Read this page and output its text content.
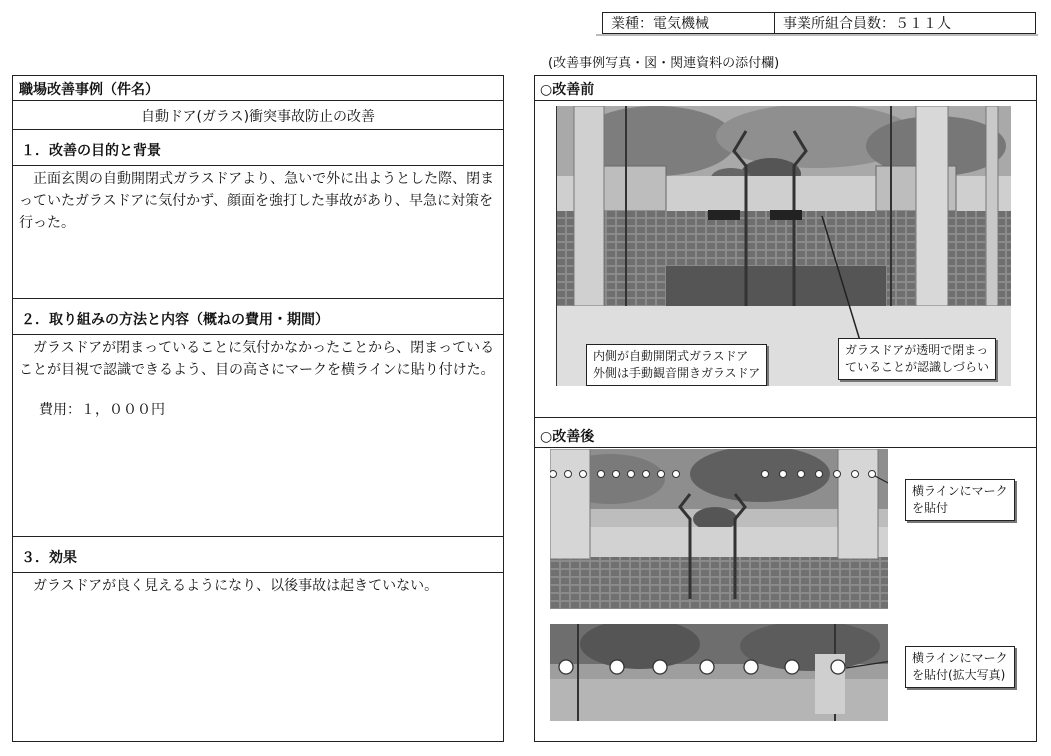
業種：電気機械	事業所組合員数：５１１人
(改善事例写真・図・関連資料の添付欄)
職場改善事例（件名）
自動ドア(ガラス)衝突事故防止の改善
１．改善の目的と背景
正面玄関の自動開閉式ガラスドアより、急いで外に出ようとした際、閉まっていたガラスドアに気付かず、顔面を強打した事故があり、早急に対策を行った。
２．取り組みの方法と内容（概ねの費用・期間）
ガラスドアが閉まっていることに気付かなかったことから、閉まっていることが目視で認識できるよう、目の高さにマークを横ラインに貼り付けた。
費用：１，０００円
３．効果
ガラスドアが良く見えるようになり、以後事故は起きていない。
○改善前
内側が自動開閉式ガラスドア
外側は手動観音開きガラスドア
ガラスドアが透明で閉まっ
ていることが認識しづらい
○改善後
横ラインにマーク
を貼付
横ラインにマーク
を貼付(拡大写真)
